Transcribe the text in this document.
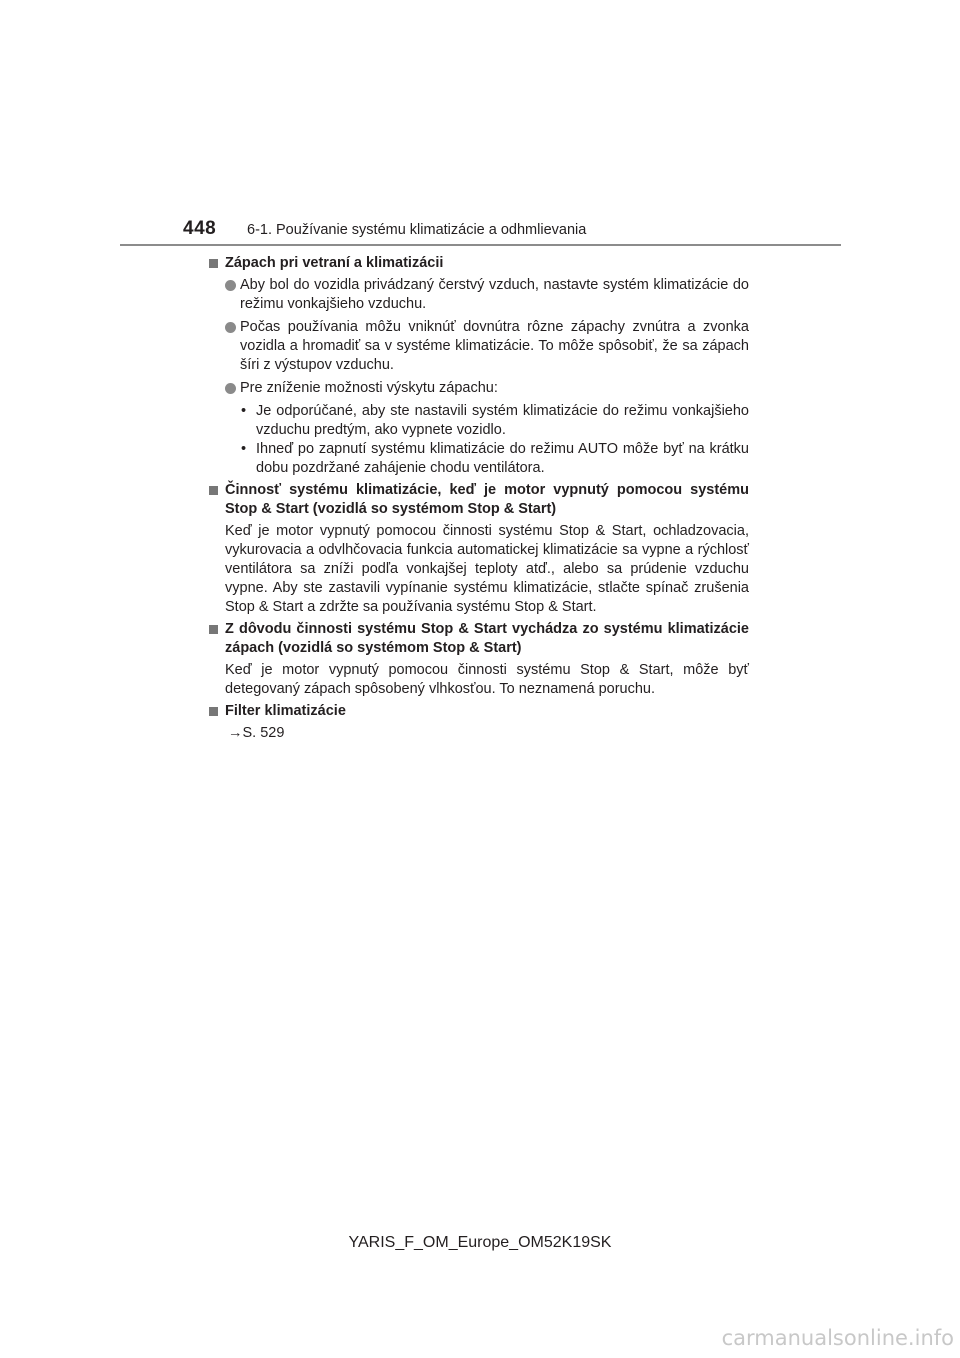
448 6-1. Používanie systému klimatizácie a odhmlievania
Zápach pri vetraní a klimatizácii
Aby bol do vozidla privádzaný čerstvý vzduch, nastavte systém klimatizácie do režimu vonkajšieho vzduchu.
Počas používania môžu vniknúť dovnútra rôzne zápachy zvnútra a zvonka vozidla a hromadiť sa v systéme klimatizácie. To môže spôsobiť, že sa zápach šíri z výstupov vzduchu.
Pre zníženie možnosti výskytu zápachu:
• Je odporúčané, aby ste nastavili systém klimatizácie do režimu vonkajšieho vzduchu predtým, ako vypnete vozidlo.
• Ihneď po zapnutí systému klimatizácie do režimu AUTO môže byť na krátku dobu pozdržané zahájenie chodu ventilátora.
Činnosť systému klimatizácie, keď je motor vypnutý pomocou systému Stop & Start (vozidlá so systémom Stop & Start)
Keď je motor vypnutý pomocou činnosti systému Stop & Start, ochladzovacia, vykurovacia a odvlhčovacia funkcia automatickej klimatizácie sa vypne a rýchlosť ventilátora sa zníži podľa vonkajšej teploty atď., alebo sa prúdenie vzduchu vypne. Aby ste zastavili vypínanie systému klimatizácie, stlačte spínač zrušenia Stop & Start a zdržte sa používania systému Stop & Start.
Z dôvodu činnosti systému Stop & Start vychádza zo systému klimatizácie zápach (vozidlá so systémom Stop & Start)
Keď je motor vypnutý pomocou činnosti systému Stop & Start, môže byť detegovaný zápach spôsobený vlhkosťou. To neznamená poruchu.
Filter klimatizácie
→S. 529
YARIS_F_OM_Europe_OM52K19SK
carmanualsonline.info
